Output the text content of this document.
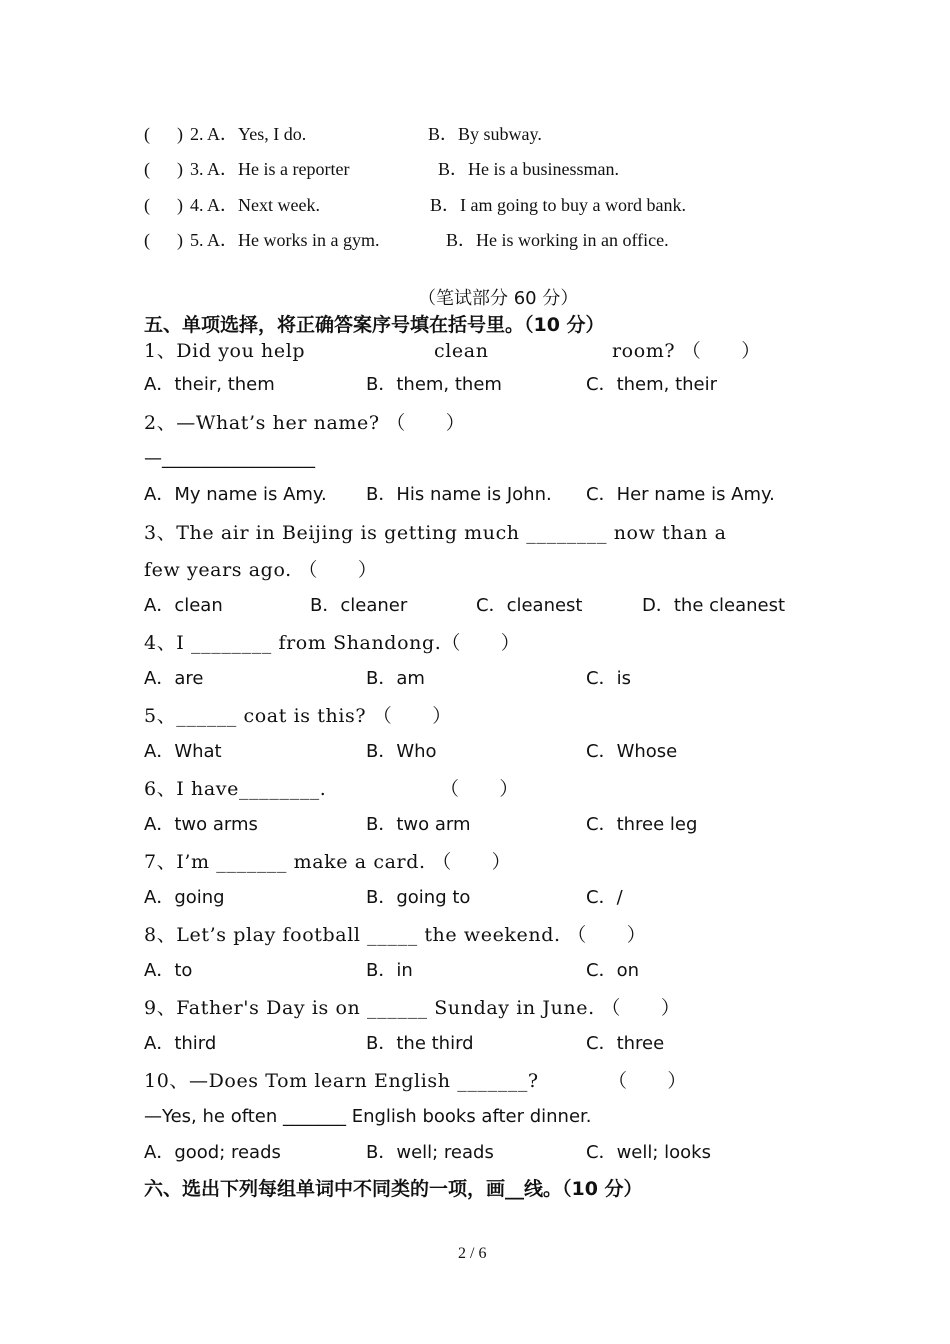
(      ) 2. A．Yes, I do.	B．By subway.
(      ) 3. A．He is a reporter	B．He is a businessman.
(      ) 4. A．Next week.	B．I am going to buy a word bank.
(      ) 5. A．He works in a gym.	B．He is working in an office.
（笔试部分 60 分）
五、单项选择，将正确答案序号填在括号里。（10 分）
1、Did you help	clean	room? （      ）
A．their, them	B．them, them	C．them, their
2、—What’s her name? （      ）
—_________________
A．My name is Amy. B．His name is John. C．Her name is Amy.
3、The air in Beijing is getting much ________ now than a
few years ago. （      ）
A．clean	B．cleaner	C．cleanest	D．the cleanest
4、I ________ from Shandong.（      ）
A．are	B．am	C．is
5、______ coat is this? （      ）
A．What	B．Who	C．Whose
6、I have________.	（      ）
A．two arms	B．two arm	C．three leg
7、I’m _______ make a card. （      ）
A．going	B．going to	C．/
8、Let’s play football _____ the weekend. （      ）
A．to	B．in	C．on
9、Father's Day is on ______ Sunday in June. （      ）
A．third	B．the third	C．three
10、—Does Tom learn English _______?	（      ）
—Yes, he often _______ English books after dinner.
A．good; reads	B．well; reads	C．well; looks
六、选出下列每组单词中不同类的一项，画__线。（10 分）
2 / 6
